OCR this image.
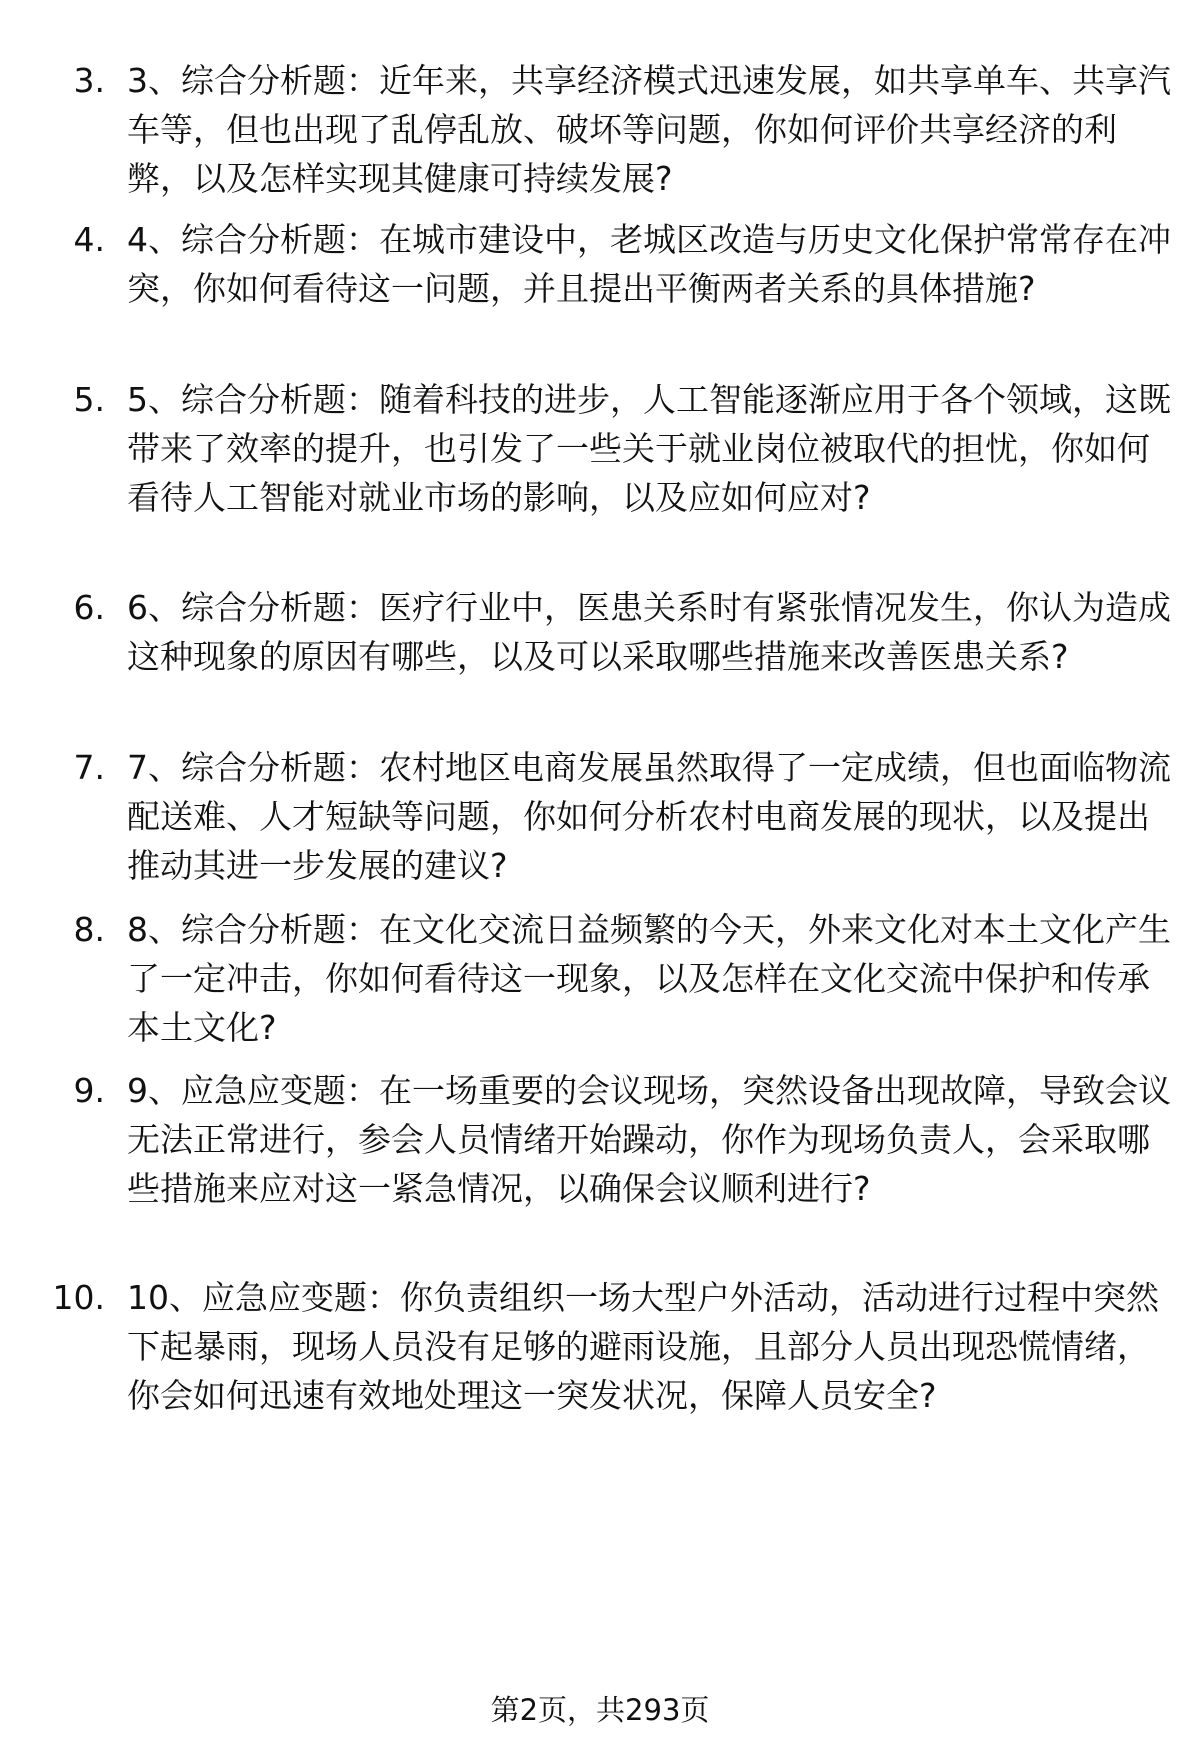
3. 3、综合分析题：近年来，共享经济模式迅速发展，如共享单车、共享汽车等，但也出现了乱停乱放、破坏等问题，你如何评价共享经济的利弊，以及怎样实现其健康可持续发展?

4. 4、综合分析题：在城市建设中，老城区改造与历史文化保护常常存在冲突，你如何看待这一问题，并且提出平衡两者关系的具体措施?

5. 5、综合分析题：随着科技的进步，人工智能逐渐应用于各个领域，这既带来了效率的提升，也引发了一些关于就业岗位被取代的担忧，你如何看待人工智能对就业市场的影响，以及应如何应对?

6. 6、综合分析题：医疗行业中，医患关系时有紧张情况发生，你认为造成这种现象的原因有哪些，以及可以采取哪些措施来改善医患关系?

7. 7、综合分析题：农村地区电商发展虽然取得了一定成绩，但也面临物流配送难、人才短缺等问题，你如何分析农村电商发展的现状，以及提出推动其进一步发展的建议?

8. 8、综合分析题：在文化交流日益频繁的今天，外来文化对本土文化产生了一定冲击，你如何看待这一现象，以及怎样在文化交流中保护和传承本土文化?

9. 9、应急应变题：在一场重要的会议现场，突然设备出现故障，导致会议无法正常进行，参会人员情绪开始躁动，你作为现场负责人，会采取哪些措施来应对这一紧急情况，以确保会议顺利进行?

10. 10、应急应变题：你负责组织一场大型户外活动，活动进行过程中突然下起暴雨，现场人员没有足够的避雨设施，且部分人员出现恐慌情绪，你会如何迅速有效地处理这一突发状况，保障人员安全?

第2页，共293页
